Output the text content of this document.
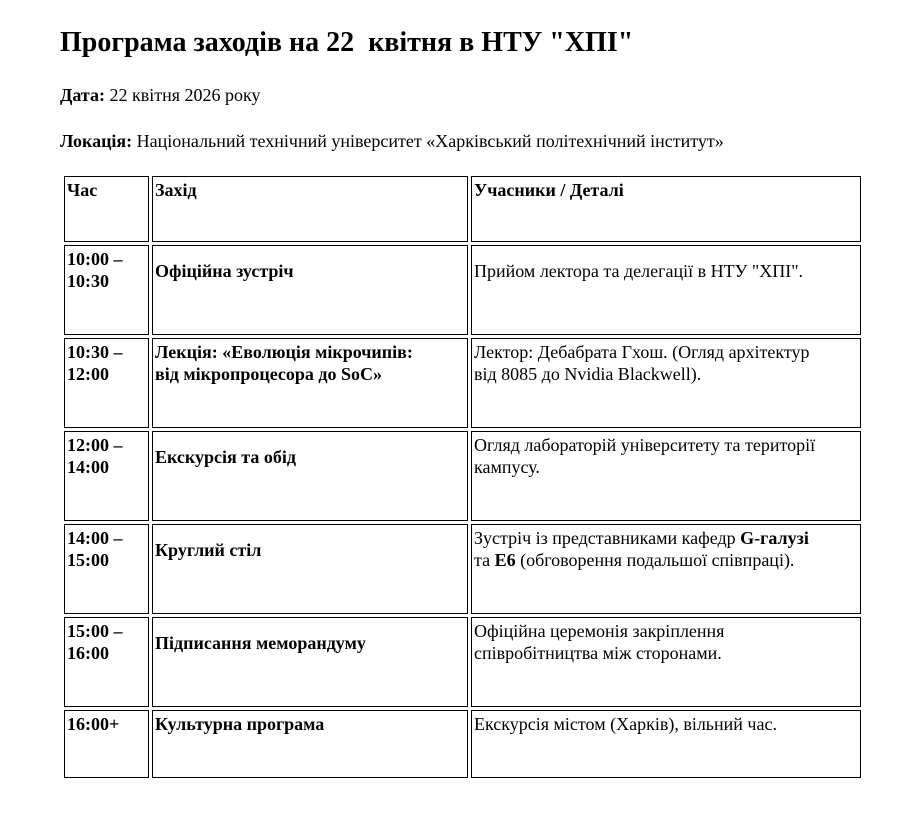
Програма заходів на 22  квітня в НТУ "ХПІ"

Дата: 22 квітня 2026 року

Локація: Національний технічний університет «Харківський політехнічний інститут»

Час	Захід	Учасники / Деталі
10:00 –
10:30	Офіційна зустріч	Прийом лектора та делегації в НТУ "ХПІ".

10:30 –
12:00	Лекція: «Еволюція мікрочипів:
від мікропроцесора до SoC»	Лектор: Дебабрата Гхош. (Огляд архітектур
від 8085 до Nvidia Blackwell).
12:00 –
14:00	Екскурсія та обід	Огляд лабораторій університету та території
кампусу.
14:00 –
15:00	Круглий стіл	Зустріч із представниками кафедр G-галузі
та E6 (обговорення подальшої співпраці).
15:00 –
16:00	Підписання меморандуму	Офіційна церемонія закріплення
співробітництва між сторонами.
16:00+	Культурна програма	Екскурсія містом (Харків), вільний час.
